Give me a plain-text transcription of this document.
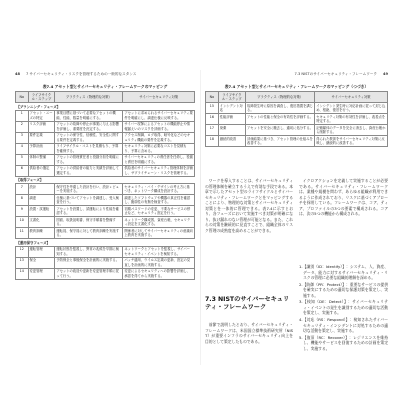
48 7 サイバーセキュリティ・リスクを管理するための一般的なスタンス
表7.4 アセット型とサイバーセキュリティ・フレームワークのマッピング
No	ライフサイクル・ステップ	プラクティス（物理的な対策）	サイバーセキュリティ対策
【プランニング・フェーズ】			
1	アセット・ニーズの特定	事業目標に基づいて必要なアセットの機能、性能、数量を明確にする。	アセットに求められるサイバーセキュリティ要件を明確にし、調達仕様に反映する。
2	リスク評価	アセットの故障や停止が事業に与える影響を評価し、重要度を決定する。	サイバー攻撃によるアセットの機能停止や情報漏えいのリスクを評価する。
3	要件定義	アセットの保守性、信頼性、安全性に関する要件を定義する。	アクセス制御、ログ取得、暗号化などのセキュリティ機能の要件を定義する。
4	予算計画	ライフサイクル・コストを見積もり、予算を確保する。	セキュリティ対策に必要なコストを見積もり、予算に含める。
5	体制の整備	アセットの管理責任者と役割分担を明確にする。	サイバーセキュリティの責任者を任命し、役割と責任を明確にする。
6	供給者の選定	アセットの供給者の能力と実績を評価して選定する。	供給者のサイバーセキュリティ管理体制を評価し、サプライチェーン・リスクを管理する。
【取得フェーズ】			
7	設計	保守性を考慮した設計を行い、設計レビューを実施する。	セキュリティ・バイ・デザインの考え方に基づき、ネットワーク構成を設計する。
8	調達	仕様に基づいてアセットを調達し、受入検査を行う。	調達したソフトウェアや機器の真正性を確認し、脆弱性の有無を検査する。
9	設置・試運転	アセットを設置し、試運転により性能を確認する。	初期パスワードの変更、不要なサービスの停止など、セキュリティ設定を行う。
10	文書化	図面、取扱説明書、保守手順書を整備する。	ネットワーク構成図、資産台帳、セキュリティ設定を文書化する。
11	教育訓練	運転員、保守員に対して教育訓練を実施する。	関係者に対してサイバーセキュリティの意識向上教育を実施する。
【運用保守フェーズ】			
12	運転管理	運転状態を監視し、異常の兆候を早期に検知する。	ネットワークとアセットを監視し、サイバーセキュリティ・イベントを検知する。
13	保全	予防保全と事後保全を計画的に実施する。	パッチ適用、ウイルス定義の更新、設定の見直しを計画的に実施する。
14	変更管理	アセットの改造や更新を変更管理手順に従って行う。	変更によるセキュリティへの影響を評価し、承認を得てから実施する。
7.3 NISTのサイバーセキュリティ・フレームワーク 49
表7.4 アセット型とサイバーセキュリティ・フレームワークのマッピング（つづき）
No	ライフサイクル・ステップ	プラクティス（物理的な対策）	サイバーセキュリティ対策
15	インシデント対応	故障発生時に原因を調査し、復旧措置を講じる。	インシデント発生時に対応計画に従って封じ込め、根絶、復旧を行う。
16	性能評価	アセットの性能と保全の有効性を評価する。	セキュリティ対策の有効性を評価し、改善点を特定する。
17	廃棄	アセットを安全に撤去し、適切に処分する。	記憶媒体のデータを完全に消去し、資産台帳から削除する。
18	継続的改善	評価結果に基づき、アセット管理の仕組みを改善する。	得られた教訓をサイバーセキュリティ対策に反映し、継続的に改善する。
ワークを導入することは、サイバーセキュリティの管理体制を確立するうえで有効な手段である。本章で示したアセット型のライフサイクルとサイバーセキュリティ・フレームワークとをマッピングすることにより、物理的な対策とサイバーセキュリティ対策とを一体的に管理できる。表7.4に示すとおり、各フェーズにおいて実施すべき対策が明確になり、抜け漏れのない管理が可能となる。また、これらの対策を継続的に見直すことで、組織全体のリスク管理の成熟度を高めることができる。
7.3 NISTのサイバーセキュリティ・フレームワーク
前節で説明したとおり、サイバーセキュリティ・フレームワークは、米国国立標準技術研究所（NIST）が重要インフラのサイバーセキュリティ向上を目的として策定したものである。
イクロアクションを定義して実施することが必要である。サイバーセキュリティ・フレームワークは、業種や規模を問わず、あらゆる組織が利用できるように作成されており、リスクに基づくアプローチを採用している。フレームワークは、コア、ティア、プロファイルの3つの要素で構成される。コアは、次の5つの機能から構成される。
1.【識別（ID：Identify）】：システム、人、資産、データ、能力に対するサイバーセキュリティ・リスクの管理に必要な組織的理解を深める。
2.【防御（PR：Protect）】：重要なサービスの提供を確実にするための適切な保護対策を策定し、実施する。
3.【検知（DE：Detect）】：サイバーセキュリティ・イベントの発生を識別するための適切な活動を策定し、実施する。
4.【対応（RS：Respond）】：検知されたサイバーセキュリティ・インシデントに対処するための適切な活動を策定し、実施する。
5.【復旧（RC：Recover）】：レジリエンスを維持し、機能やサービスを回復するための計画を策定し、実施する。
